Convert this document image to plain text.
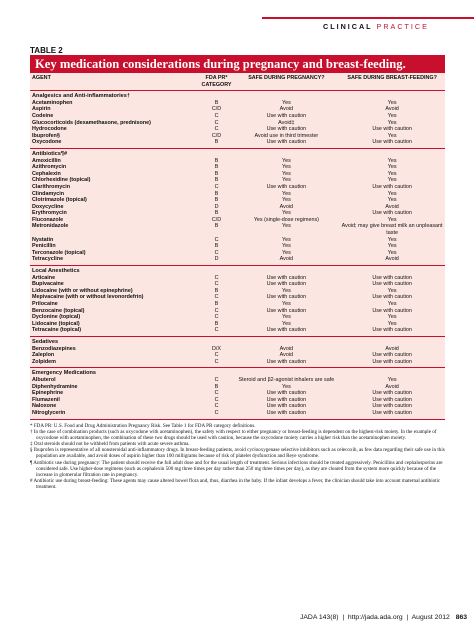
CLINICAL PRACTICE
TABLE 2
Key medication considerations during pregnancy and breast-feeding.
AGENT	FDA PR* CATEGORY	SAFE DURING PREGNANCY?	SAFE DURING BREAST-FEEDING?
Analgesics and Anti-inflammatories†			
Acetaminophen	B	Yes	Yes
Aspirin	C/D	Avoid	Avoid
Codeine	C	Use with caution	Yes
Glucocorticoids (dexamethasone, prednisone)	C	Avoid‡	Yes
Hydrocodone	C	Use with caution	Use with caution
Ibuprofen§	C/D	Avoid use in third trimester	Yes
Oxycodone	B	Use with caution	Use with caution
Antibiotics¶#			
Amoxicillin	B	Yes	Yes
Azithromycin	B	Yes	Yes
Cephalexin	B	Yes	Yes
Chlorhexidine (topical)	B	Yes	Yes
Clarithromycin	C	Use with caution	Use with caution
Clindamycin	B	Yes	Yes
Clotrimazole (topical)	B	Yes	Yes
Doxycycline	D	Avoid	Avoid
Erythromycin	B	Yes	Use with caution
Fluconazole	C/D	Yes (single-dose regimens)	Yes
Metronidazole	B	Yes	Avoid; may give breast milk an unpleasant taste
Nystatin	C	Yes	Yes
Penicillin	B	Yes	Yes
Terconazole (topical)	C	Yes	Yes
Tetracycline	D	Avoid	Avoid
Local Anesthetics			
Articaine	C	Use with caution	Use with caution
Bupivacaine	C	Use with caution	Use with caution
Lidocaine (with or without epinephrine)	B	Yes	Yes
Mepivacaine (with or without levonordefrin)	C	Use with caution	Use with caution
Prilocaine	B	Yes	Yes
Benzocaine (topical)	C	Use with caution	Use with caution
Dyclonine (topical)	C	Yes	Yes
Lidocaine (topical)	B	Yes	Yes
Tetracaine (topical)	C	Use with caution	Use with caution
Sedatives			
Benzodiazepines	D/X	Avoid	Avoid
Zaleplon	C	Avoid	Use with caution
Zolpidem	C	Use with caution	Use with caution
Emergency Medications			
Albuterol	C	Steroid and β2-agonist inhalers are safe	Yes
Diphenhydramine	B	Yes	Avoid
Epinephrine	C	Use with caution	Use with caution
Flumazenil	C	Use with caution	Use with caution
Naloxone	C	Use with caution	Use with caution
Nitroglycerin	C	Use with caution	Use with caution
* FDA PR: U.S. Food and Drug Administration Pregnancy Risk. See Table 1 for FDA PR category definitions.
† In the case of combination products (such as oxycodone with acetaminophen), the safety with respect to either pregnancy or breast-feeding is dependent on the highest-risk moiety. In the example of oxycodone with acetaminophen, the combination of these two drugs should be used with caution, because the oxycodone moiety carries a higher risk than the acetaminophen moiety.
‡ Oral steroids should not be withheld from patients with acute severe asthma.
§ Ibuprofen is representative of all nonsteroidal anti-inflammatory drugs. In breast-feeding patients, avoid cyclooxygenase selective inhibitors such as celecoxib, as few data regarding their safe use in this population are available, and avoid doses of aspirin higher than 100 milligrams because of risk of platelet dysfunction and Reye syndrome.
¶ Antibiotic use during pregnancy: The patient should receive the full adult dose and for the usual length of treatment. Serious infections should be treated aggressively. Penicillins and cephalosporins are considered safe. Use higher-dose regimens (such as cephalexin 500 mg three times per day rather than 250 mg three times per day), as they are cleared from the system more quickly because of the increase in glomerular filtration rate in pregnancy.
# Antibiotic use during breast-feeding: These agents may cause altered bowel flora and, thus, diarrhea in the baby. If the infant develops a fever, the clinician should take into account maternal antibiotic treatment.
JADA 143(8)  |  http://jada.ada.org  |  August 2012 863
